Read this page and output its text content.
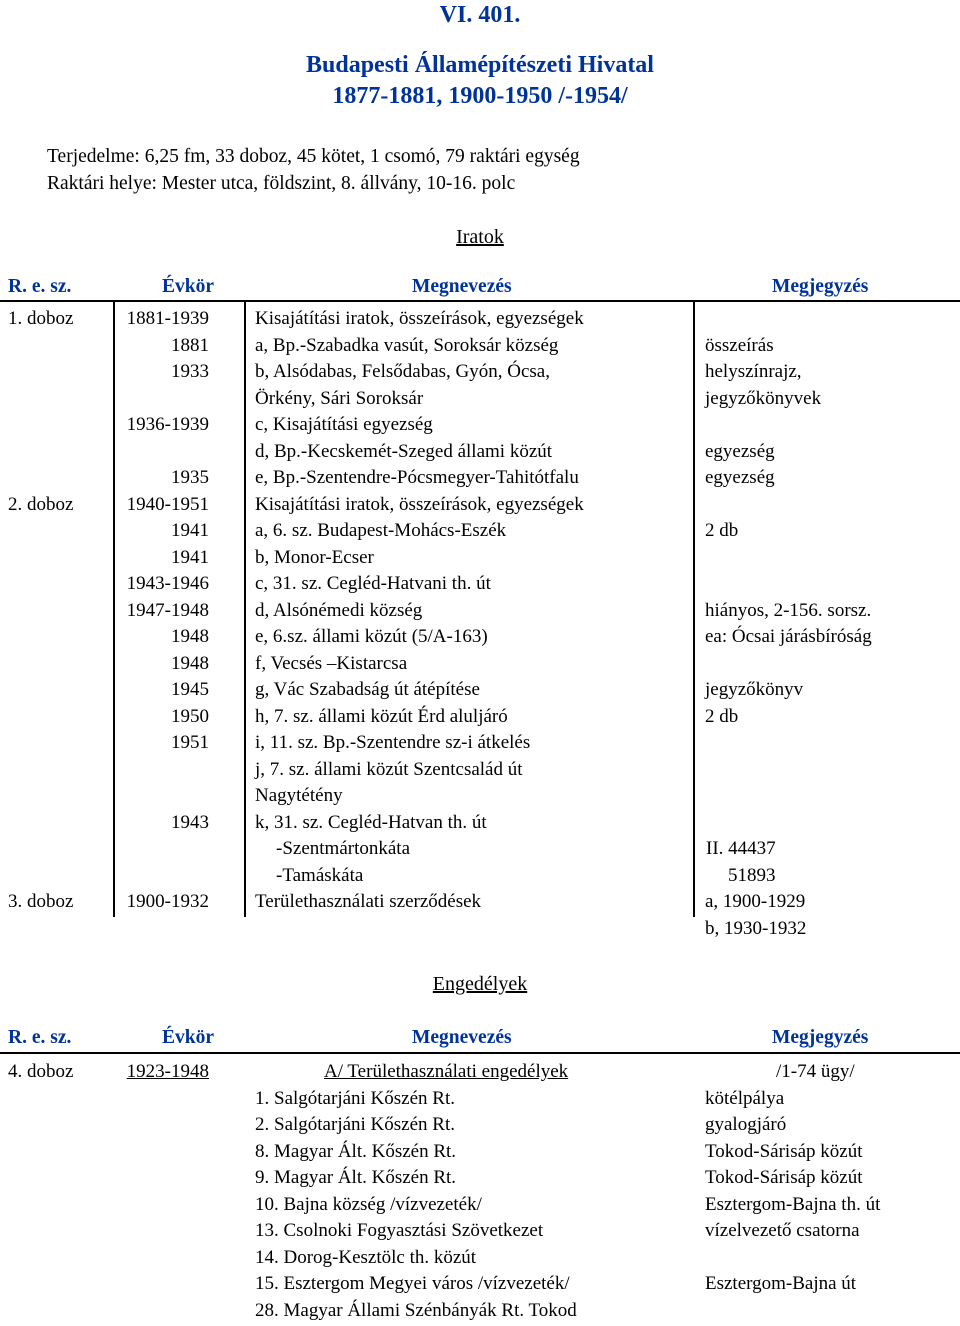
VI. 401.
Budapesti Államépítészeti Hivatal
1877-1881, 1900-1950 /-1954/
Terjedelme: 6,25 fm, 33 doboz, 45 kötet, 1 csomó, 79 raktári egység
Raktári helye: Mester utca, földszint, 8. állvány, 10-16. polc
Iratok
R. e. sz.	Évkör	Megnevezés	Megjegyzés
1. doboz	1881-1939 Kisajátítási iratok, összeírások, egyezségek
1881 a, Bp.-Szabadka vasút, Soroksár község	összeírás
1933 b, Alsódabas, Felsődabas, Gyón, Ócsa,	helyszínrajz,
Örkény, Sári Soroksár	jegyzőkönyvek
1936-1939 c, Kisajátítási egyezség
d, Bp.-Kecskemét-Szeged állami közút	egyezség
1935 e, Bp.-Szentendre-Pócsmegyer-Tahitótfalu	egyezség
2. doboz	1940-1951 Kisajátítási iratok, összeírások, egyezségek
1941 a, 6. sz. Budapest-Mohács-Eszék	2 db
1941 b, Monor-Ecser
1943-1946 c, 31. sz. Cegléd-Hatvani th. út
1947-1948 d, Alsónémedi község	hiányos, 2-156. sorsz.
1948 e, 6.sz. állami közút (5/A-163)	ea: Ócsai járásbíróság
1948 f, Vecsés –Kistarcsa
1945 g, Vác Szabadság út átépítése	jegyzőkönyv
1950 h, 7. sz. állami közút Érd aluljáró	2 db
1951 i, 11. sz. Bp.-Szentendre sz-i átkelés
j, 7. sz. állami közút Szentcsalád út
Nagytétény
1943 k, 31. sz. Cegléd-Hatvan th. út
-Szentmártonkáta	II. 44437
-Tamáskáta	51893
3. doboz	1900-1932 Területhasználati szerződések	a, 1900-1929
b, 1930-1932
Engedélyek
R. e. sz.	Évkör	Megnevezés	Megjegyzés
4. doboz	1923-1948	A/ Területhasználati engedélyek	/1-74 ügy/
1. Salgótarjáni Kőszén Rt.	kötélpálya
2. Salgótarjáni Kőszén Rt.	gyalogjáró
8. Magyar Ált. Kőszén Rt.	Tokod-Sárisáp közút
9. Magyar Ált. Kőszén Rt.	Tokod-Sárisáp közút
10. Bajna község /vízvezeték/	Esztergom-Bajna th. út
13. Csolnoki Fogyasztási Szövetkezet	vízelvezető csatorna
14. Dorog-Kesztölc th. közút
15. Esztergom Megyei város /vízvezeték/	Esztergom-Bajna út
28. Magyar Állami Szénbányák Rt. Tokod
